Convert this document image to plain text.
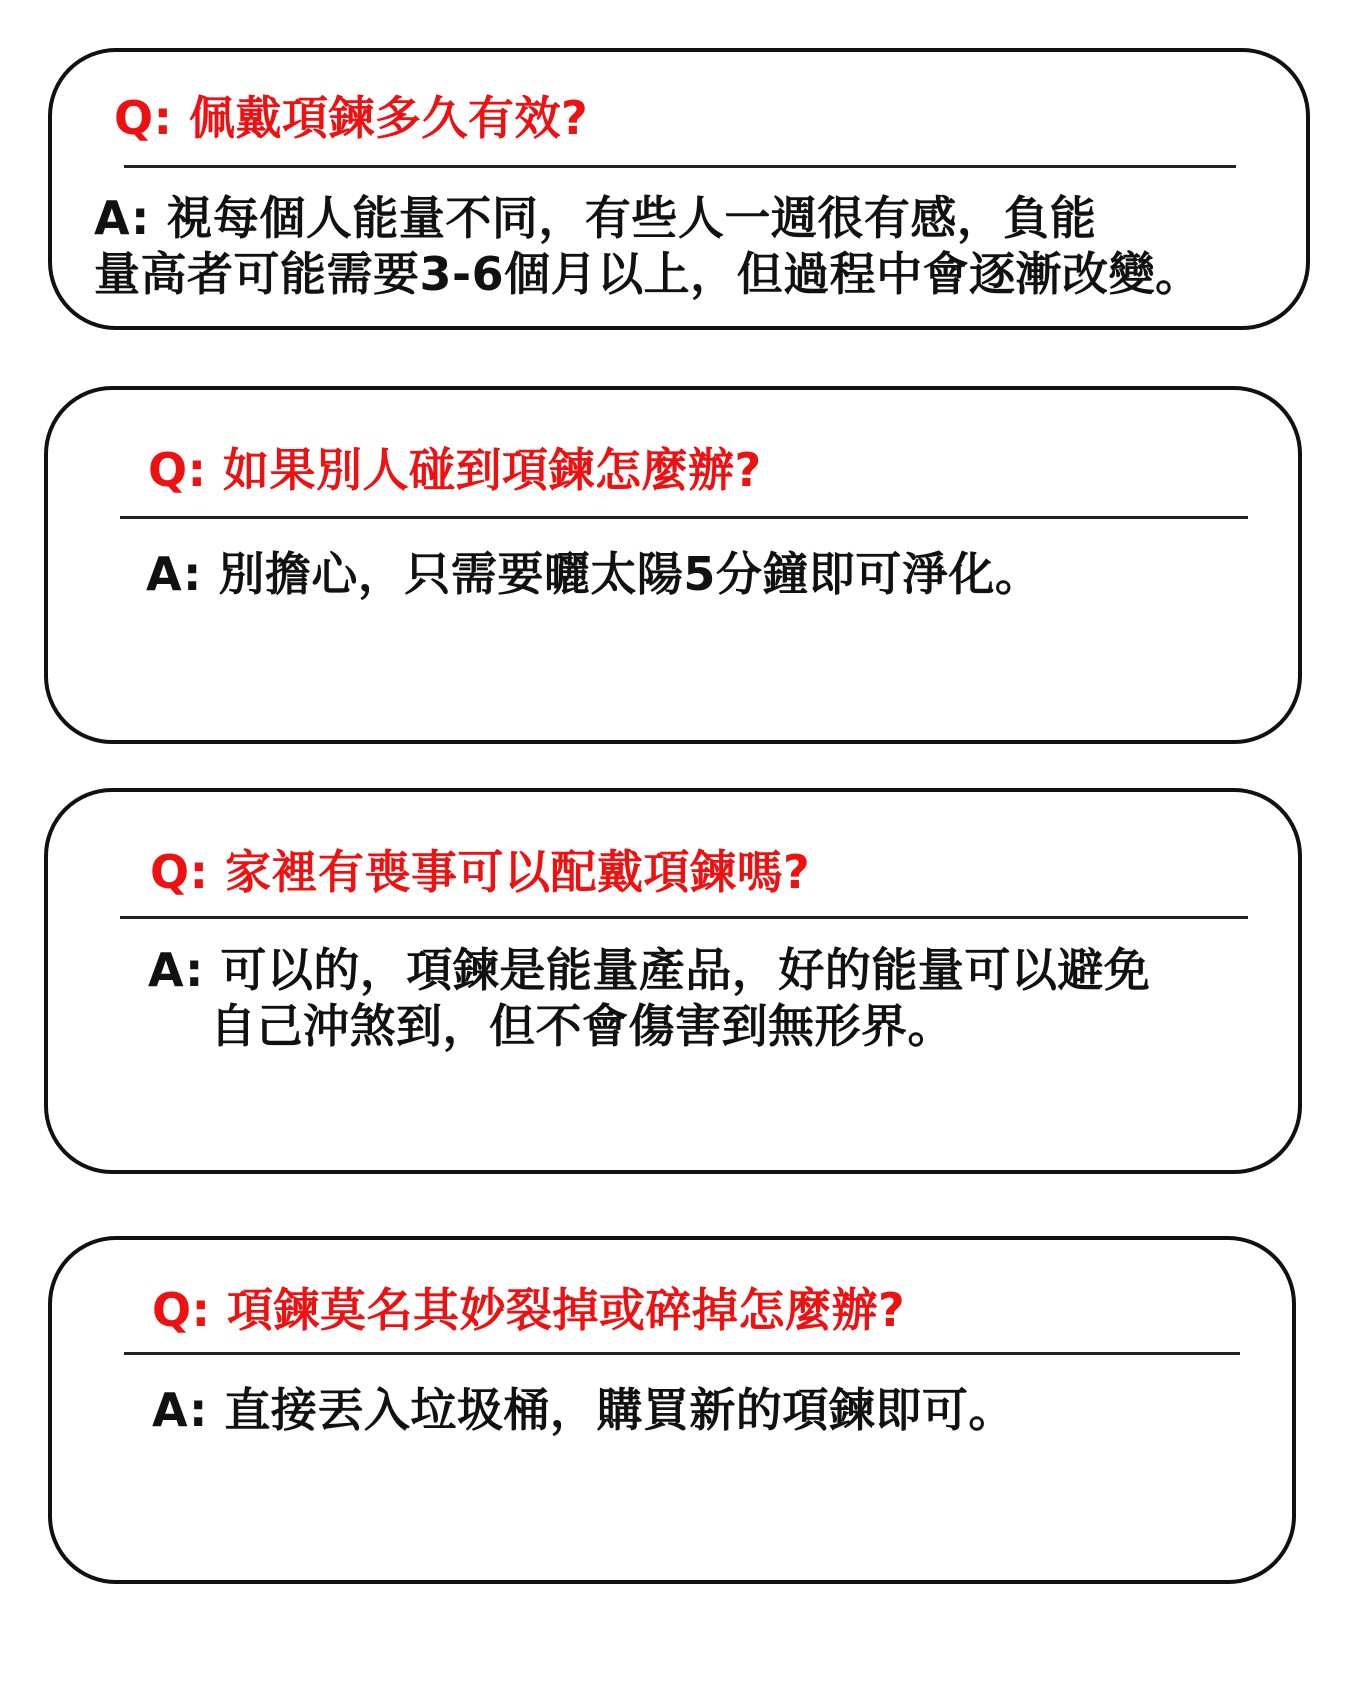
Q: 佩戴項鍊多久有效?

A: 視每個人能量不同，有些人一週很有感，負能
量高者可能需要3-6個月以上，但過程中會逐漸改變。

Q: 如果別人碰到項鍊怎麼辦?

A: 別擔心，只需要曬太陽5分鐘即可淨化。

Q: 家裡有喪事可以配戴項鍊嗎?

A: 可以的，項鍊是能量產品，好的能量可以避免
自己沖煞到，但不會傷害到無形界。

Q: 項鍊莫名其妙裂掉或碎掉怎麼辦?

A: 直接丟入垃圾桶，購買新的項鍊即可。
